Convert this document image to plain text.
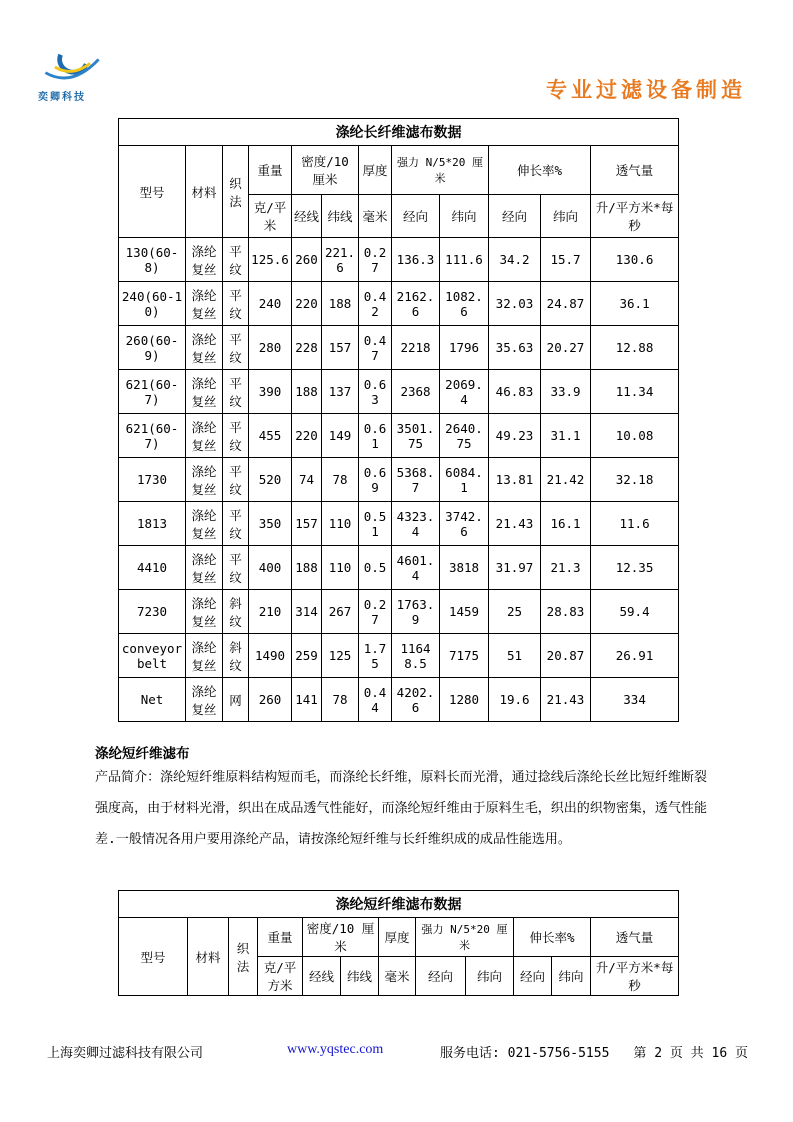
奕卿科技	专业过滤设备制造
涤纶长纤维滤布数据											
型号	材料	织法	重量	密度/10 厘米		厚度	强力 N/5*20 厘米		伸长率%		透气量
			克/平米	经线	纬线	毫米	经向	纬向	经向	纬向	升/平方米*每秒
130(60-8)	涤纶复丝	平纹	125.6	260	221.6	0.27	136.3	111.6	34.2	15.7	130.6
240(60-10)	涤纶复丝	平纹	240	220	188	0.42	2162.6	1082.6	32.03	24.87	36.1
260(60-9)	涤纶复丝	平纹	280	228	157	0.47	2218	1796	35.63	20.27	12.88
621(60-7)	涤纶复丝	平纹	390	188	137	0.63	2368	2069.4	46.83	33.9	11.34
621(60-7)	涤纶复丝	平纹	455	220	149	0.61	3501.75	2640.75	49.23	31.1	10.08
1730	涤纶复丝	平纹	520	74	78	0.69	5368.7	6084.1	13.81	21.42	32.18
1813	涤纶复丝	平纹	350	157	110	0.51	4323.4	3742.6	21.43	16.1	11.6
4410	涤纶复丝	平纹	400	188	110	0.5	4601.4	3818	31.97	21.3	12.35
7230	涤纶复丝	斜纹	210	314	267	0.27	1763.9	1459	25	28.83	59.4
conveyor belt	涤纶复丝	斜纹	1490	259	125	1.75	11648.5	7175	51	20.87	26.91
Net	涤纶复丝	网	260	141	78	0.44	4202.6	1280	19.6	21.43	334
涤纶短纤维滤布
产品简介：涤纶短纤维原料结构短而毛，而涤纶长纤维，原料长而光滑，通过捻线后涤纶长丝比短纤维断裂强度高，由于材料光滑，织出在成品透气性能好，而涤纶短纤维由于原料生毛，织出的织物密集，透气性能差.一般情况各用户要用涤纶产品，请按涤纶短纤维与长纤维织成的成品性能选用。
涤纶短纤维滤布数据											
型号	材料	织法	重量	密度/10 厘米		厚度	强力 N/5*20 厘米		伸长率%		透气量
			克/平方米	经线	纬线	毫米	经向	纬向	经向	纬向	升/平方米*每秒
上海奕卿过滤科技有限公司	www.yqstec.com	服务电话: 021-5756-5155 第 2 页 共 16 页
